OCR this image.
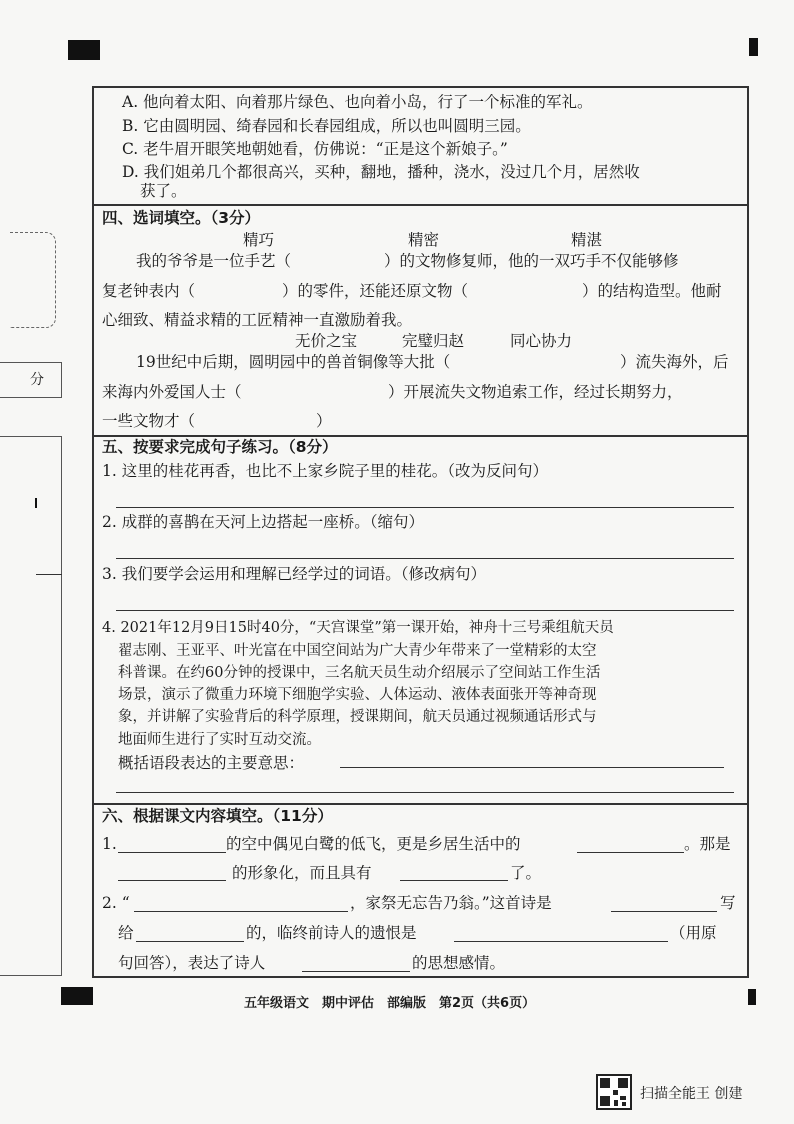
分
A. 他向着太阳、向着那片绿色、也向着小岛，行了一个标准的军礼。
B. 它由圆明园、绮春园和长春园组成，所以也叫圆明三园。
C. 老牛眉开眼笑地朝她看，仿佛说：“正是这个新娘子。”
D. 我们姐弟几个都很高兴，买种，翻地，播种，浇水，没过几个月，居然收
获了。
四、选词填空。（3分）
精巧	精密	精湛
我的爷爷是一位手艺（	）的文物修复师，他的一双巧手不仅能够修
复老钟表内（	）的零件，还能还原文物（	）的结构造型。他耐
心细致、精益求精的工匠精神一直激励着我。
无价之宝	完璧归赵	同心协力
19世纪中后期，圆明园中的兽首铜像等大批（	）流失海外，后
来海内外爱国人士（	）开展流失文物追索工作，经过长期努力，
一些文物才（	）
五、按要求完成句子练习。（8分）
1. 这里的桂花再香，也比不上家乡院子里的桂花。（改为反问句）
2. 成群的喜鹊在天河上边搭起一座桥。（缩句）
3. 我们要学会运用和理解已经学过的词语。（修改病句）
4. 2021年12月9日15时40分，“天宫课堂”第一课开始，神舟十三号乘组航天员
翟志刚、王亚平、叶光富在中国空间站为广大青少年带来了一堂精彩的太空
科普课。在约60分钟的授课中，三名航天员生动介绍展示了空间站工作生活
场景，演示了微重力环境下细胞学实验、人体运动、液体表面张开等神奇现
象，并讲解了实验背后的科学原理，授课期间，航天员通过视频通话形式与
地面师生进行了实时互动交流。
概括语段表达的主要意思：
六、根据课文内容填空。（11分）
1.	的空中偶见白鹭的低飞，更是乡居生活中的	。那是
的形象化，而且具有	了。
2. “	，家祭无忘告乃翁。”这首诗是	写
给	的，临终前诗人的遗恨是	（用原
句回答），表达了诗人	的思想感情。
五年级语文　期中评估　部编版　第2页（共6页）
扫描全能王 创建
